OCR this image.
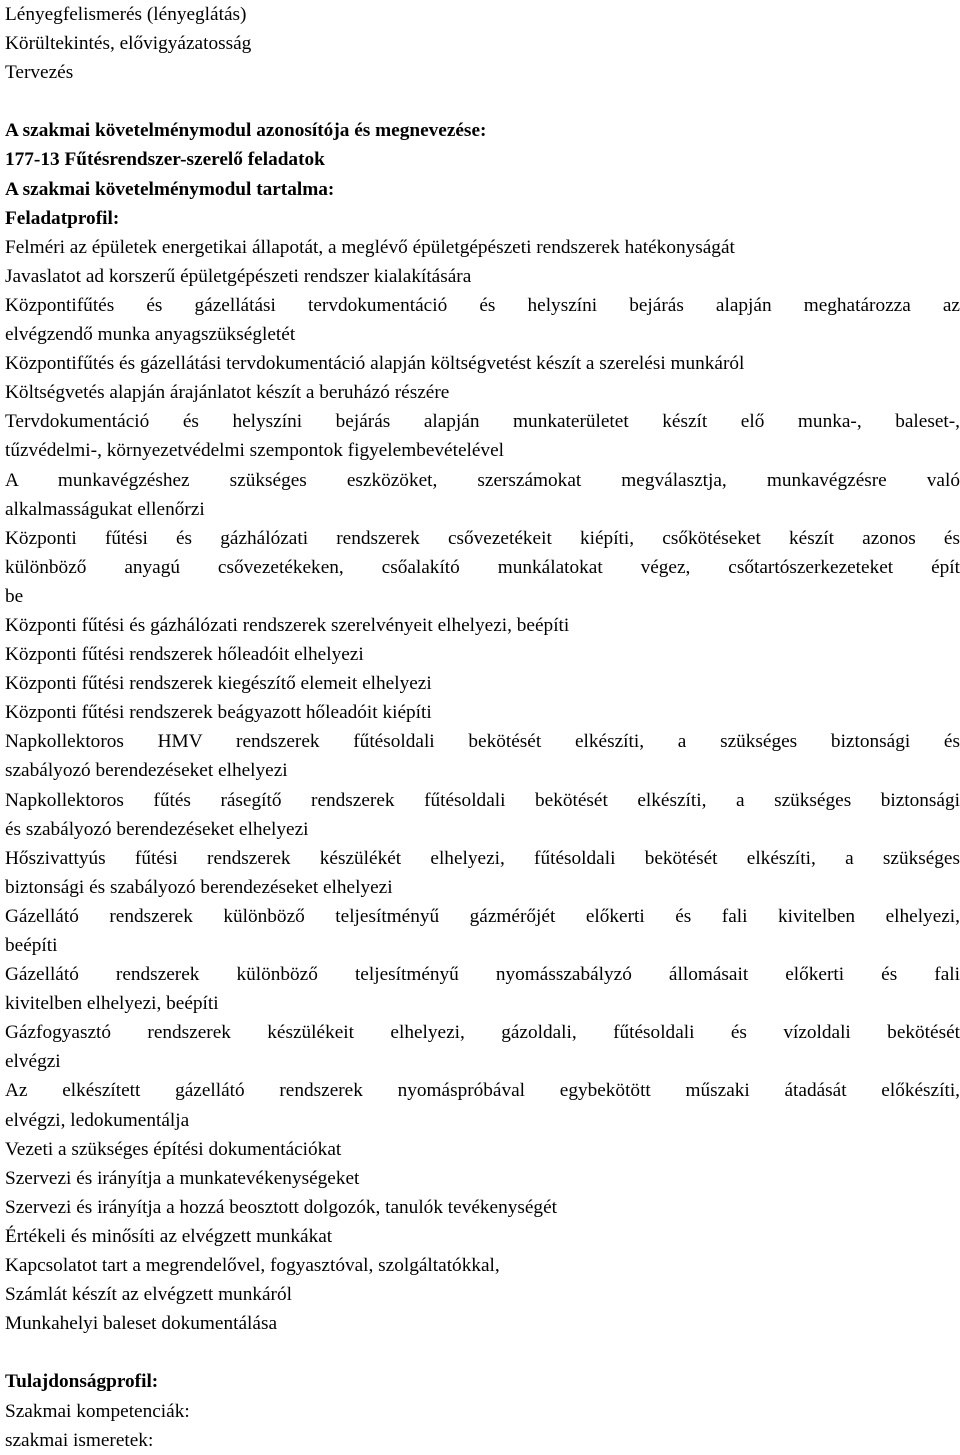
Lényegfelismerés (lényeglátás)
Körültekintés, elővigyázatosság
Tervezés
A szakmai követelménymodul azonosítója és megnevezése:
177-13 Fűtésrendszer-szerelő feladatok
A szakmai követelménymodul tartalma:
Feladatprofil:
Felméri az épületek energetikai állapotát, a meglévő épületgépészeti rendszerek hatékonyságát
Javaslatot ad korszerű épületgépészeti rendszer kialakítására
Központifűtés és gázellátási tervdokumentáció és helyszíni bejárás alapján meghatározza az
elvégzendő munka anyagszükségletét
Központifűtés és gázellátási tervdokumentáció alapján költségvetést készít a szerelési munkáról
Költségvetés alapján árajánlatot készít a beruházó részére
Tervdokumentáció és helyszíni bejárás alapján munkaterületet készít elő munka-, baleset-,
tűzvédelmi-, környezetvédelmi szempontok figyelembevételével
A munkavégzéshez szükséges eszközöket, szerszámokat megválasztja, munkavégzésre való
alkalmasságukat ellenőrzi
Központi fűtési és gázhálózati rendszerek csővezetékeit kiépíti, csőkötéseket készít azonos és
különböző anyagú csővezetékeken, csőalakító munkálatokat végez, csőtartószerkezeteket épít
be
Központi fűtési és gázhálózati rendszerek szerelvényeit elhelyezi, beépíti
Központi fűtési rendszerek hőleadóit elhelyezi
Központi fűtési rendszerek kiegészítő elemeit elhelyezi
Központi fűtési rendszerek beágyazott hőleadóit kiépíti
Napkollektoros HMV rendszerek fűtésoldali bekötését elkészíti, a szükséges biztonsági és
szabályozó berendezéseket elhelyezi
Napkollektoros fűtés rásegítő rendszerek fűtésoldali bekötését elkészíti, a szükséges biztonsági
és szabályozó berendezéseket elhelyezi
Hőszivattyús fűtési rendszerek készülékét elhelyezi, fűtésoldali bekötését elkészíti, a szükséges
biztonsági és szabályozó berendezéseket elhelyezi
Gázellátó rendszerek különböző teljesítményű gázmérőjét előkerti és fali kivitelben elhelyezi,
beépíti
Gázellátó rendszerek különböző teljesítményű nyomásszabályzó állomásait előkerti és fali
kivitelben elhelyezi, beépíti
Gázfogyasztó rendszerek készülékeit elhelyezi, gázoldali, fűtésoldali és vízoldali bekötését
elvégzi
Az elkészített gázellátó rendszerek nyomáspróbával egybekötött műszaki átadását előkészíti,
elvégzi, ledokumentálja
Vezeti a szükséges építési dokumentációkat
Szervezi és irányítja a munkatevékenységeket
Szervezi és irányítja a hozzá beosztott dolgozók, tanulók tevékenységét
Értékeli és minősíti az elvégzett munkákat
Kapcsolatot tart a megrendelővel, fogyasztóval, szolgáltatókkal,
Számlát készít az elvégzett munkáról
Munkahelyi baleset dokumentálása
Tulajdonságprofil:
Szakmai kompetenciák:
szakmai ismeretek:
